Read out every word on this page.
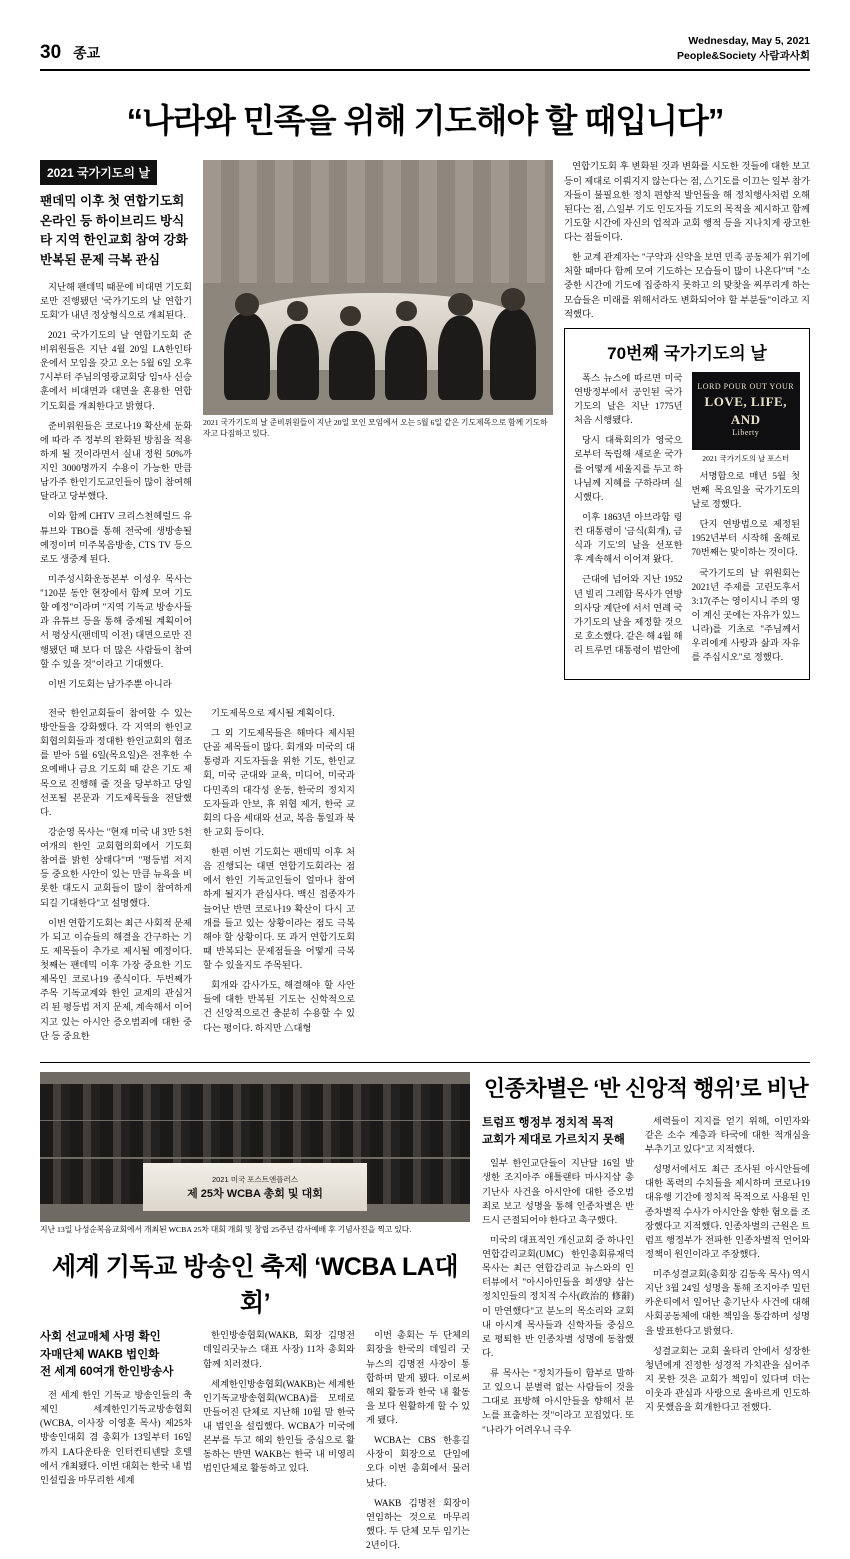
30 종교
Wednesday, May 5, 2021
People&Society 사람과사회
“나라와 민족을 위해 기도해야 할 때입니다”
2021 국가기도의 날
팬데믹 이후 첫 연합기도회
온라인 등 하이브리드 방식
타 지역 한인교회 참여 강화
반복된 문제 극복 관심

지난해 팬데믹 때문에 비대면 기도회로만 진행됐던 '국가기도의 날 연합기도회'가 내년 정상형식으로 개최된다.

2021 국가기도의 날 연합기도회 준비위원들은 지난 4월 20일 LA한인타운에서 모임을 갖고 오는 5월 6일 오후 7시부터 주님의영광교회당 임דּ사 신승훈에서 비대면과 대면을 혼용한 연합기도회를 개최한다고 밝혔다.

준비위원들은 코로나19 확산세 둔화에 따라 주 정부의 완화된 방침을 적용하게 될 것이라면서 실내 정원 50%까지인 3000명까지 수용이 가능한 만큼 남가주 한인기도교인들이 많이 참여해달라고 당부했다.

이와 함께 CHTV 크리스천헤럴드 유튜브와 TBO를 통해 전국에 생방송될 예정이며 미주복음방송, CTS TV 등으로도 생중계 된다.

미주성시화운동본부 이성우 목사는 "120분 동안 현장에서 함께 모여 기도할 예정"이라며 "지역 기독교 방송사들과 유튜브 등을 통해 중계될 계획이어서 평상시(팬데믹 이전) 대면으로만 진행됐던 때 보다 더 많은 사람들이 참여할 수 있을 것"이라고 기대했다.

이번 기도회는 남가주뿐 아니라

2021 국가기도의 날 준비위원들이 지난 20일 모인 모임에서 오는 5월 6일 같은 기도제목으로 함께 기도하자고 다짐하고 있다.

연합기도회 후 변화된 것과 변화를 시도한 것들에 대한 보고 등이 제대로 이뤄지지 않는다는 점, △기도를 이끄는 일부 참가자들이 불필요한 정치 편향적 발언들을 해 정치행사처럼 오해된다는 점, △일부 기도 인도자들 기도의 목적을 제시하고 함께 기도할 시간에 자신의 업적과 교회 행적 등을 지나치게 광고한다는 점들이다.

한 교계 관계자는 "구약과 신약을 보면 민족 공동체가 위기에 처할 때마다 함께 모여 기도하는 모습들이 많이 나온다"며 "소중한 시간에 기도에 집중하지 못하고 의 맞찾을 찌푸리게 하는 모습들은 미래를 위해서라도 변화되어야 할 부분들"이라고 지적했다.

70번째 국가기도의 날

폭스 뉴스에 따르면 미국 연방정부에서 공인된 국가기도의 날은 지난 1775년 처음 시행됐다.

당시 대륙회의가 영국으로부터 독립해 새로운 국가를 어떻게 세울지를 두고 하나님께 지혜를 구하라며 실시했다.

이후 1863년 아브라함 링컨 대통령이 '금식(회개), 금식과 기도'의 날을 선포한 후 계속해서 이어져 왔다.

근대에 넘어와 지난 1952년 빌리 그레함 목사가 연방 의사당 계단에 서서 연례 국가기도의 날을 제정할 것으로 호소했다. 같은 해 4월 해리 트루먼 대통령이 법안에

LORD POUR OUT YOUR

LOVE, LIFE, AND
Liberty
2021 국가기도의 날 포스터

서명함으로 매년 5월 첫 번째 목요일을 국가기도의 날로 정했다.

단지 연방법으로 제정된 1952년부터 시작해 올해로 70번째는 맞이하는 것이다.

국가기도의 날 위원회는 2021년 주제를 고린도후서 3:17(주는 영이시니 주의 영이 계신 곳에는 자유가 있느니라)를 기초로 "주님께서 우리에게 사랑과 삶과 자유를 주십시오"로 정했다.

전국 한인교회들이 참여할 수 있는 방안들을 강화했다. 각 지역의 한인교회협의회들과 정대한 한인교회의 협조를 받아 5월 6일(목요일)은 전후한 수요예배나 금요 기도회 때 같은 기도 제목으로 진행해 줄 것을 당부하고 당일 선포될 본문과 기도제목들을 전달했다.

강순영 목사는 "현재 미국 내 3만 5천여개의 한인 교회협의회에서 기도회 참여를 밝힌 상태다"며 "평등법 저지 등 중요한 사안이 있는 만큼 뉴욕을 비롯한 대도시 교회들이 많이 참여하게 되길 기대한다"고 설명했다.

이번 연합기도회는 최근 사회적 문제가 되고 이슈들의 해결을 간구하는 기도 제목들이 추가로 제시될 예정이다. 첫째는 팬데믹 이후 가장 중요한 기도 제목인 코로나19 종식이다. 두번째가 주목 기독교계와 한인 교계의 관심거리 된 평등법 저지 문제, 계속해서 이어지고 있는 아시안 증오범죄에 대한 중단 등 중요한

기도제목으로 제시될 계획이다.

그 외 기도제목들은 해마다 제시된 단골 제목들이 많다. 회개와 미국의 대통령과 지도자들을 위한 기도, 한인교회, 미국 군대와 교육, 미디어, 미국과 다민족의 대각성 운동, 한국의 정치지도자들과 안보, 휴 위협 제거, 한국 교회의 다음 세대와 선교, 복음 통일과 북한 교회 등이다.

한편 이번 기도회는 팬데믹 이후 처음 진행되는 대면 연합기도회라는 점에서 한인 기독교인들이 얼마나 참여하게 될지가 관심사다. 백신 접종자가 늘어난 반면 코로나19 확산이 다시 고개를 들고 있는 상황이라는 점도 극복해야 할 상황이다. 또 과거 연합기도회 때 반복되는 문제점들을 어떻게 극복할 수 있을지도 주목된다.

회개와 감사가도, 해결해야 할 사안들에 대한 반복된 기도는 신학적으로건 신앙적으로건 충분히 수용할 수 있다는 평이다. 하지만 △대형

2021 미국 포스트앤플러스
제 25차 WCBA 총회 및 대회
지난 13일 나성순복음교회에서 개최된 WCBA 25차 대회 개회 및 창립 25주년 감사예배 후 기념사진을 찍고 있다.
세계 기독교 방송인 축제 ‘WCBA LA대회’
사회 선교매체 사명 확인
자매단체 WAKB 법인화
전 세계 60여개 한인방송사

전 세계 한인 기독교 방송인들의 축제인 세계한인기독교방송협회(WCBA, 이사장 이영훈 목사) 제25차 방송인대회 겸 총회가 13일부터 16일까지 LA다운타운 인터컨티넨탈 호텔에서 개최됐다. 이번 대회는 한국 내 법인설립을 마무리한 세계

한인방송협회(WAKB, 회장 김명전 데일리굿뉴스 대표 사장) 11차 총회와 함께 치러졌다.

세계한인방송협회(WAKB)는 세계한인기독교방송협회(WCBA)를 모태로 만들어진 단체로 지난해 10월 말 한국 내 법인을 설립했다. WCBA가 미국에 본부를 두고 해외 한인들 중심으로 활동하는 반면 WAKB는 한국 내 비영리 법인단체로 활동하고 있다.

이번 총회는 두 단체의 회장을 한국의 데일리 굿 뉴스의 김명전 사장이 통합하며 맡게 됐다. 이로써 해외 활동과 한국 내 활동을 보다 원활하게 할 수 있게 됐다.

WCBA는 CBS 한흥길 사장이 회장으로 단임에 오다 이번 총회에서 물러났다.

WAKB 김명전 회장이 연임하는 것으로 마무리 했다. 두 단체 모두 임기는 2년이다.

인종차별은 ‘반 신앙적 행위’로 비난
트럼프 행정부 정치적 목적
교회가 제대로 가르치지 못해

일부 한인교단들이 지난달 16일 발생한 조지아주 애틀랜타 마사지샵 총기난사 사건을 아시안에 대한 증오범죄로 보고 성명을 통해 인종차별은 반드시 근절되어야 한다고 촉구했다.

미국의 대표적인 개신교회 중 하나인 연합감리교회(UMC) 한인총회류재덕 목사는 최근 연합감리교 뉴스와의 인터뷰에서 "아시아인들을 희생양 삼는 정치인들의 정치적 수사(政治的 修辭)이 만연했다"고 분노의 목소리와 교회 내 아시계 목사들과 신학자들 중심으로 평퇴한 반 인종차별 성명에 동참했다.

류 목사는 "정치가들이 함부로 말하고 있으니 분별력 없는 사람들이 것을 그대로 표방해 아시안들을 향해서 분노를 표출하는 것"이라고 꼬집었다. 또 "나라가 어려우니 극우

세력들이 지지를 얻기 위해, 이민자와 같은 소수 계층과 타국에 대한 적개심을 부추기고 있다"고 지적했다.

성명서에서도 최근 조사된 아시안들에 대한 폭력의 수치들을 제시하며 코로나19 대유행 기간에 정치적 목적으로 사용된 인종차별적 수사가 아시안을 향한 혐오를 조장했다고 지적했다. 인종차별의 근원은 트럼프 행정부가 전파한 인종차별적 언어와 정책이 원인이라고 주장했다.

미주성결교회(총회장 김동욱 목사) 역시 지난 3월 24일 성명을 통해 조지아주 밀턴 카운티에서 일어난 총기난사 사건에 대해 사회공동체에 대한 책임을 통감하며 성명을 발표한다고 밝혔다.

성결교회는 교회 울타리 안에서 성장한 청년에게 진정한 성경적 가치관을 심어주지 못한 것은 교회가 책임이 있다며 더는 이웃과 관심과 사랑으로 올바르게 인도하지 못했음을 회개한다고 전했다.
